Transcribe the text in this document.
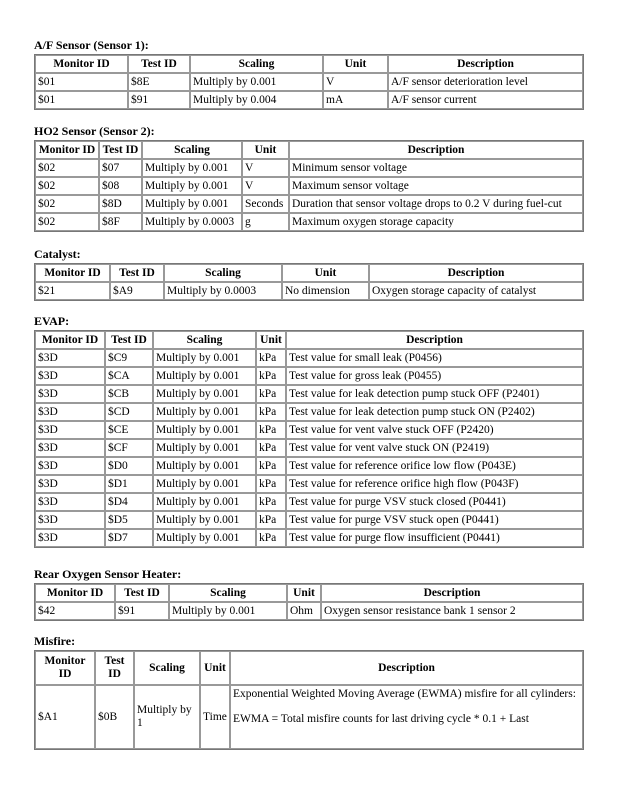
A/F Sensor (Sensor 1):
Monitor ID	Test ID	Scaling	Unit	Description
$01	$8E	Multiply by 0.001	V	A/F sensor deterioration level
$01	$91	Multiply by 0.004	mA	A/F sensor current
HO2 Sensor (Sensor 2):
Monitor ID	Test ID	Scaling	Unit	Description
$02	$07	Multiply by 0.001	V	Minimum sensor voltage
$02	$08	Multiply by 0.001	V	Maximum sensor voltage
$02	$8D	Multiply by 0.001	Seconds	Duration that sensor voltage drops to 0.2 V during fuel-cut
$02	$8F	Multiply by 0.0003	g	Maximum oxygen storage capacity
Catalyst:
Monitor ID	Test ID	Scaling	Unit	Description
$21	$A9	Multiply by 0.0003	No dimension	Oxygen storage capacity of catalyst
EVAP:
Monitor ID	Test ID	Scaling	Unit	Description
$3D	$C9	Multiply by 0.001	kPa	Test value for small leak (P0456)
$3D	$CA	Multiply by 0.001	kPa	Test value for gross leak (P0455)
$3D	$CB	Multiply by 0.001	kPa	Test value for leak detection pump stuck OFF (P2401)
$3D	$CD	Multiply by 0.001	kPa	Test value for leak detection pump stuck ON (P2402)
$3D	$CE	Multiply by 0.001	kPa	Test value for vent valve stuck OFF (P2420)
$3D	$CF	Multiply by 0.001	kPa	Test value for vent valve stuck ON (P2419)
$3D	$D0	Multiply by 0.001	kPa	Test value for reference orifice low flow (P043E)
$3D	$D1	Multiply by 0.001	kPa	Test value for reference orifice high flow (P043F)
$3D	$D4	Multiply by 0.001	kPa	Test value for purge VSV stuck closed (P0441)
$3D	$D5	Multiply by 0.001	kPa	Test value for purge VSV stuck open (P0441)
$3D	$D7	Multiply by 0.001	kPa	Test value for purge flow insufficient (P0441)
Rear Oxygen Sensor Heater:
Monitor ID	Test ID	Scaling	Unit	Description
$42	$91	Multiply by 0.001	Ohm	Oxygen sensor resistance bank 1 sensor 2
Misfire:
Monitor ID	Test ID	Scaling	Unit	Description
$A1	$0B	Multiply by 1	Time	Exponential Weighted Moving Average (EWMA) misfire for all cylinders:
EWMA = Total misfire counts for last driving cycle * 0.1 + Last
